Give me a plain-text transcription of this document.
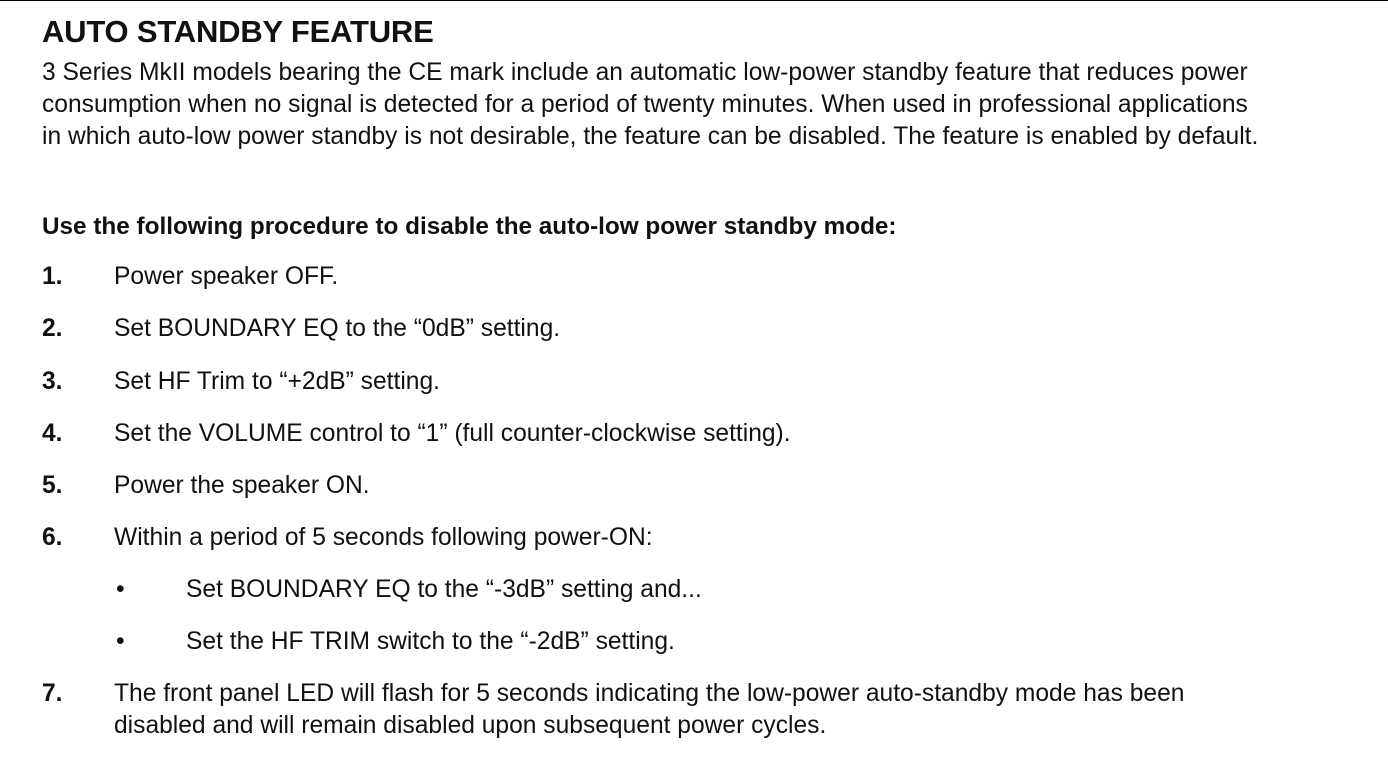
AUTO STANDBY FEATURE

3 Series MkII models bearing the CE mark include an automatic low-power standby feature that reduces power
consumption when no signal is detected for a period of twenty minutes. When used in professional applications
in which auto-low power standby is not desirable, the feature can be disabled. The feature is enabled by default.

Use the following procedure to disable the auto-low power standby mode:

1. Power speaker OFF.
2. Set BOUNDARY EQ to the “0dB” setting.
3. Set HF Trim to “+2dB” setting.
4. Set the VOLUME control to “1” (full counter-clockwise setting).
5. Power the speaker ON.
6. Within a period of 5 seconds following power-ON:
• Set BOUNDARY EQ to the “-3dB” setting and...
• Set the HF TRIM switch to the “-2dB” setting.
7. The front panel LED will flash for 5 seconds indicating the low-power auto-standby mode has been
disabled and will remain disabled upon subsequent power cycles.
